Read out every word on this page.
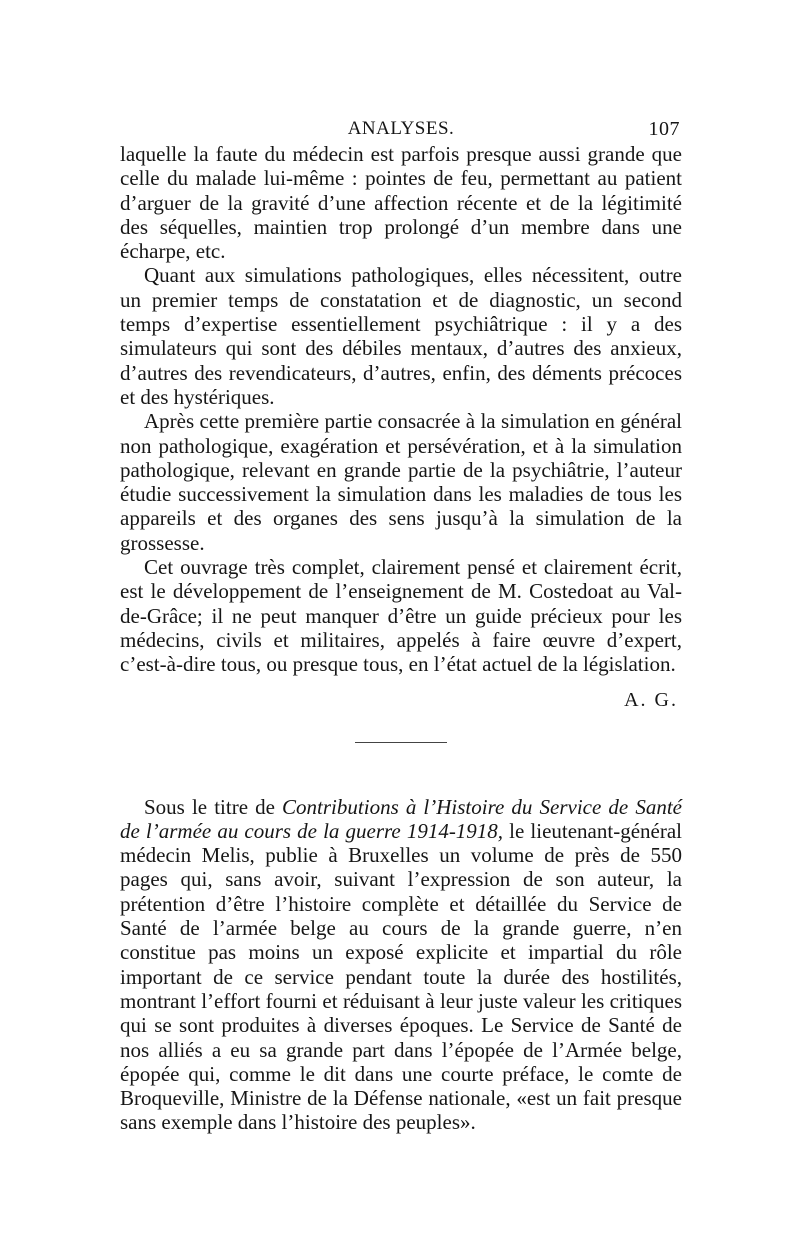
ANALYSES.	107

laquelle la faute du médecin est parfois presque aussi grande que celle du malade lui-même : pointes de feu, permettant au patient d’arguer de la gravité d’une affection récente et de la légitimité des séquelles, maintien trop prolongé d’un membre dans une écharpe, etc.

Quant aux simulations pathologiques, elles nécessitent, outre un premier temps de constatation et de diagnostic, un second temps d’expertise essentiellement psychiâtrique : il y a des simulateurs qui sont des débiles mentaux, d’autres des anxieux, d’autres des revendicateurs, d’autres, enfin, des déments précoces et des hystériques.

Après cette première partie consacrée à la simulation en général non pathologique, exagération et persévération, et à la simulation pathologique, relevant en grande partie de la psychiâtrie, l’auteur étudie successivement la simulation dans les maladies de tous les appareils et des organes des sens jusqu’à la simulation de la grossesse.

Cet ouvrage très complet, clairement pensé et clairement écrit, est le développement de l’enseignement de M. Costedoat au Val-de-Grâce; il ne peut manquer d’être un guide précieux pour les médecins, civils et militaires, appelés à faire œuvre d’expert, c’est-à-dire tous, ou presque tous, en l’état actuel de la législation.

A. G.

Sous le titre de Contributions à l’Histoire du Service de Santé de l’armée au cours de la guerre 1914-1918, le lieutenant-général médecin Melis, publie à Bruxelles un volume de près de 550 pages qui, sans avoir, suivant l’expression de son auteur, la prétention d’être l’histoire complète et détaillée du Service de Santé de l’armée belge au cours de la grande guerre, n’en constitue pas moins un exposé explicite et impartial du rôle important de ce service pendant toute la durée des hostilités, montrant l’effort fourni et réduisant à leur juste valeur les critiques qui se sont produites à diverses époques. Le Service de Santé de nos alliés a eu sa grande part dans l’épopée de l’Armée belge, épopée qui, comme le dit dans une courte préface, le comte de Broqueville, Ministre de la Défense nationale, «est un fait presque sans exemple dans l’histoire des peuples».
